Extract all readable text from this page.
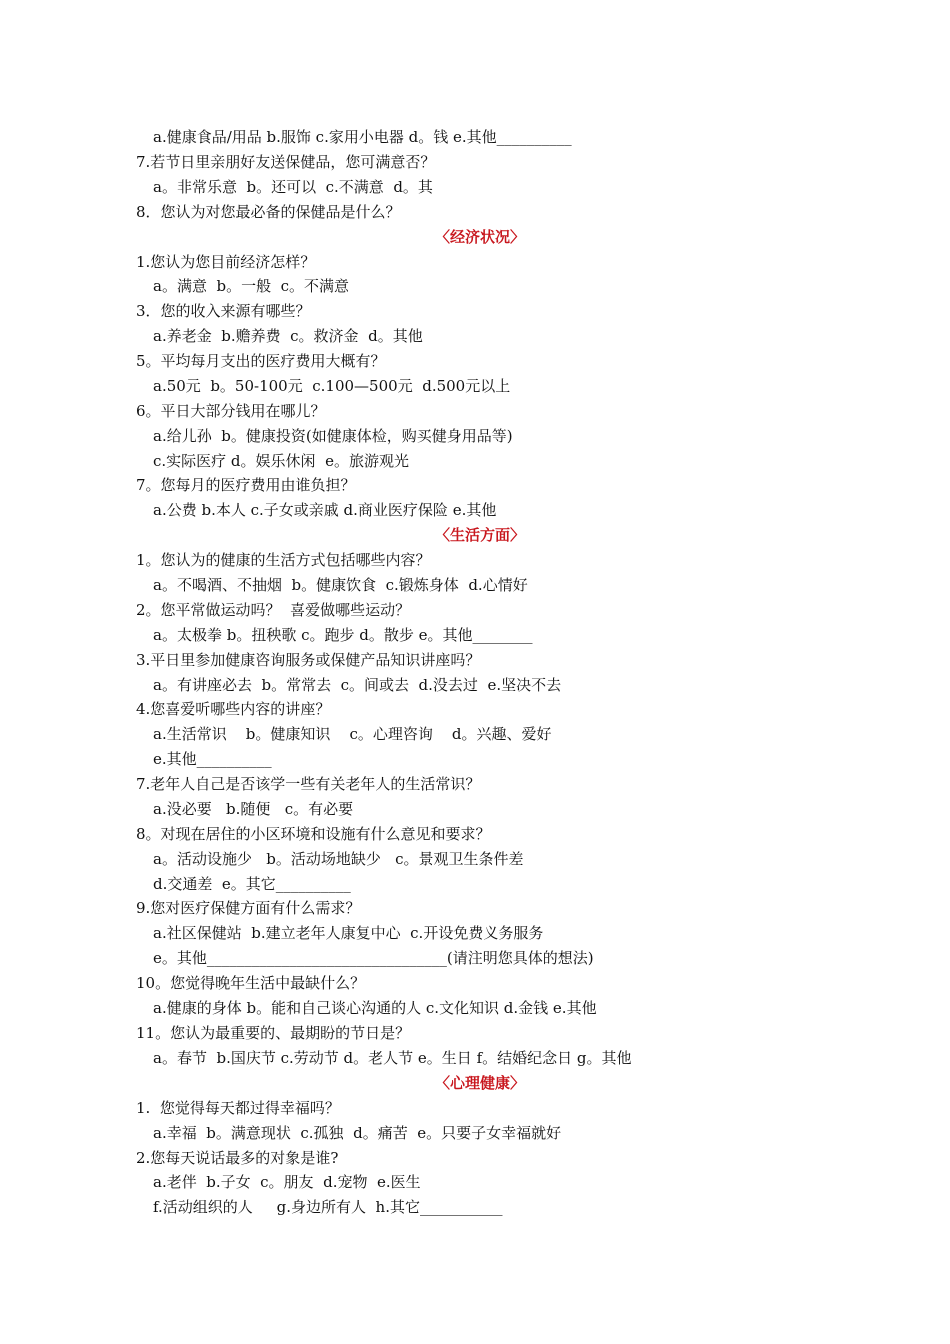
a.健康食品/用品 b.服饰 c.家用小电器 d。钱 e.其他__________
7.若节日里亲朋好友送保健品，您可满意否？
a。非常乐意  b。还可以  c.不满意  d。其
8．您认为对您最必备的保健品是什么？
〈经济状况〉
1.您认为您目前经济怎样？
a。满意  b。一般  c。不满意
3．您的收入来源有哪些？
a.养老金  b.赡养费  c。救济金  d。其他
5。平均每月支出的医疗费用大概有？
a.50元  b。50-100元  c.100—500元  d.500元以上
6。平日大部分钱用在哪儿？
a.给儿孙  b。健康投资(如健康体检，购买健身用品等)
c.实际医疗 d。娱乐休闲  e。旅游观光
7。您每月的医疗费用由谁负担？
a.公费 b.本人 c.子女或亲戚 d.商业医疗保险 e.其他
〈生活方面〉
1。您认为的健康的生活方式包括哪些内容？
a。不喝酒、不抽烟  b。健康饮食  c.锻炼身体  d.心情好
2。您平常做运动吗？  喜爱做哪些运动？
a。太极拳 b。扭秧歌 c。跑步 d。散步 e。其他________
3.平日里参加健康咨询服务或保健产品知识讲座吗？
a。有讲座必去  b。常常去  c。间或去  d.没去过  e.坚决不去
4.您喜爱听哪些内容的讲座？
a.生活常识    b。健康知识    c。心理咨询    d。兴趣、爱好
e.其他__________
7.老年人自己是否该学一些有关老年人的生活常识？
a.没必要   b.随便   c。有必要
8。对现在居住的小区环境和设施有什么意见和要求？
a。活动设施少   b。活动场地缺少   c。景观卫生条件差
d.交通差  e。其它__________
9.您对医疗保健方面有什么需求？
a.社区保健站  b.建立老年人康复中心  c.开设免费义务服务
e。其他________________________________(请注明您具体的想法)
10。您觉得晚年生活中最缺什么？
a.健康的身体 b。能和自己谈心沟通的人 c.文化知识 d.金钱 e.其他
11。您认为最重要的、最期盼的节日是？
a。春节  b.国庆节 c.劳动节 d。老人节 e。生日 f。结婚纪念日 g。其他
〈心理健康〉
1.  您觉得每天都过得幸福吗？
a.幸福  b。满意现状  c.孤独  d。痛苦  e。只要子女幸福就好
2.您每天说话最多的对象是谁?
a.老伴  b.子女  c。朋友  d.宠物  e.医生
f.活动组织的人     g.身边所有人  h.其它___________
